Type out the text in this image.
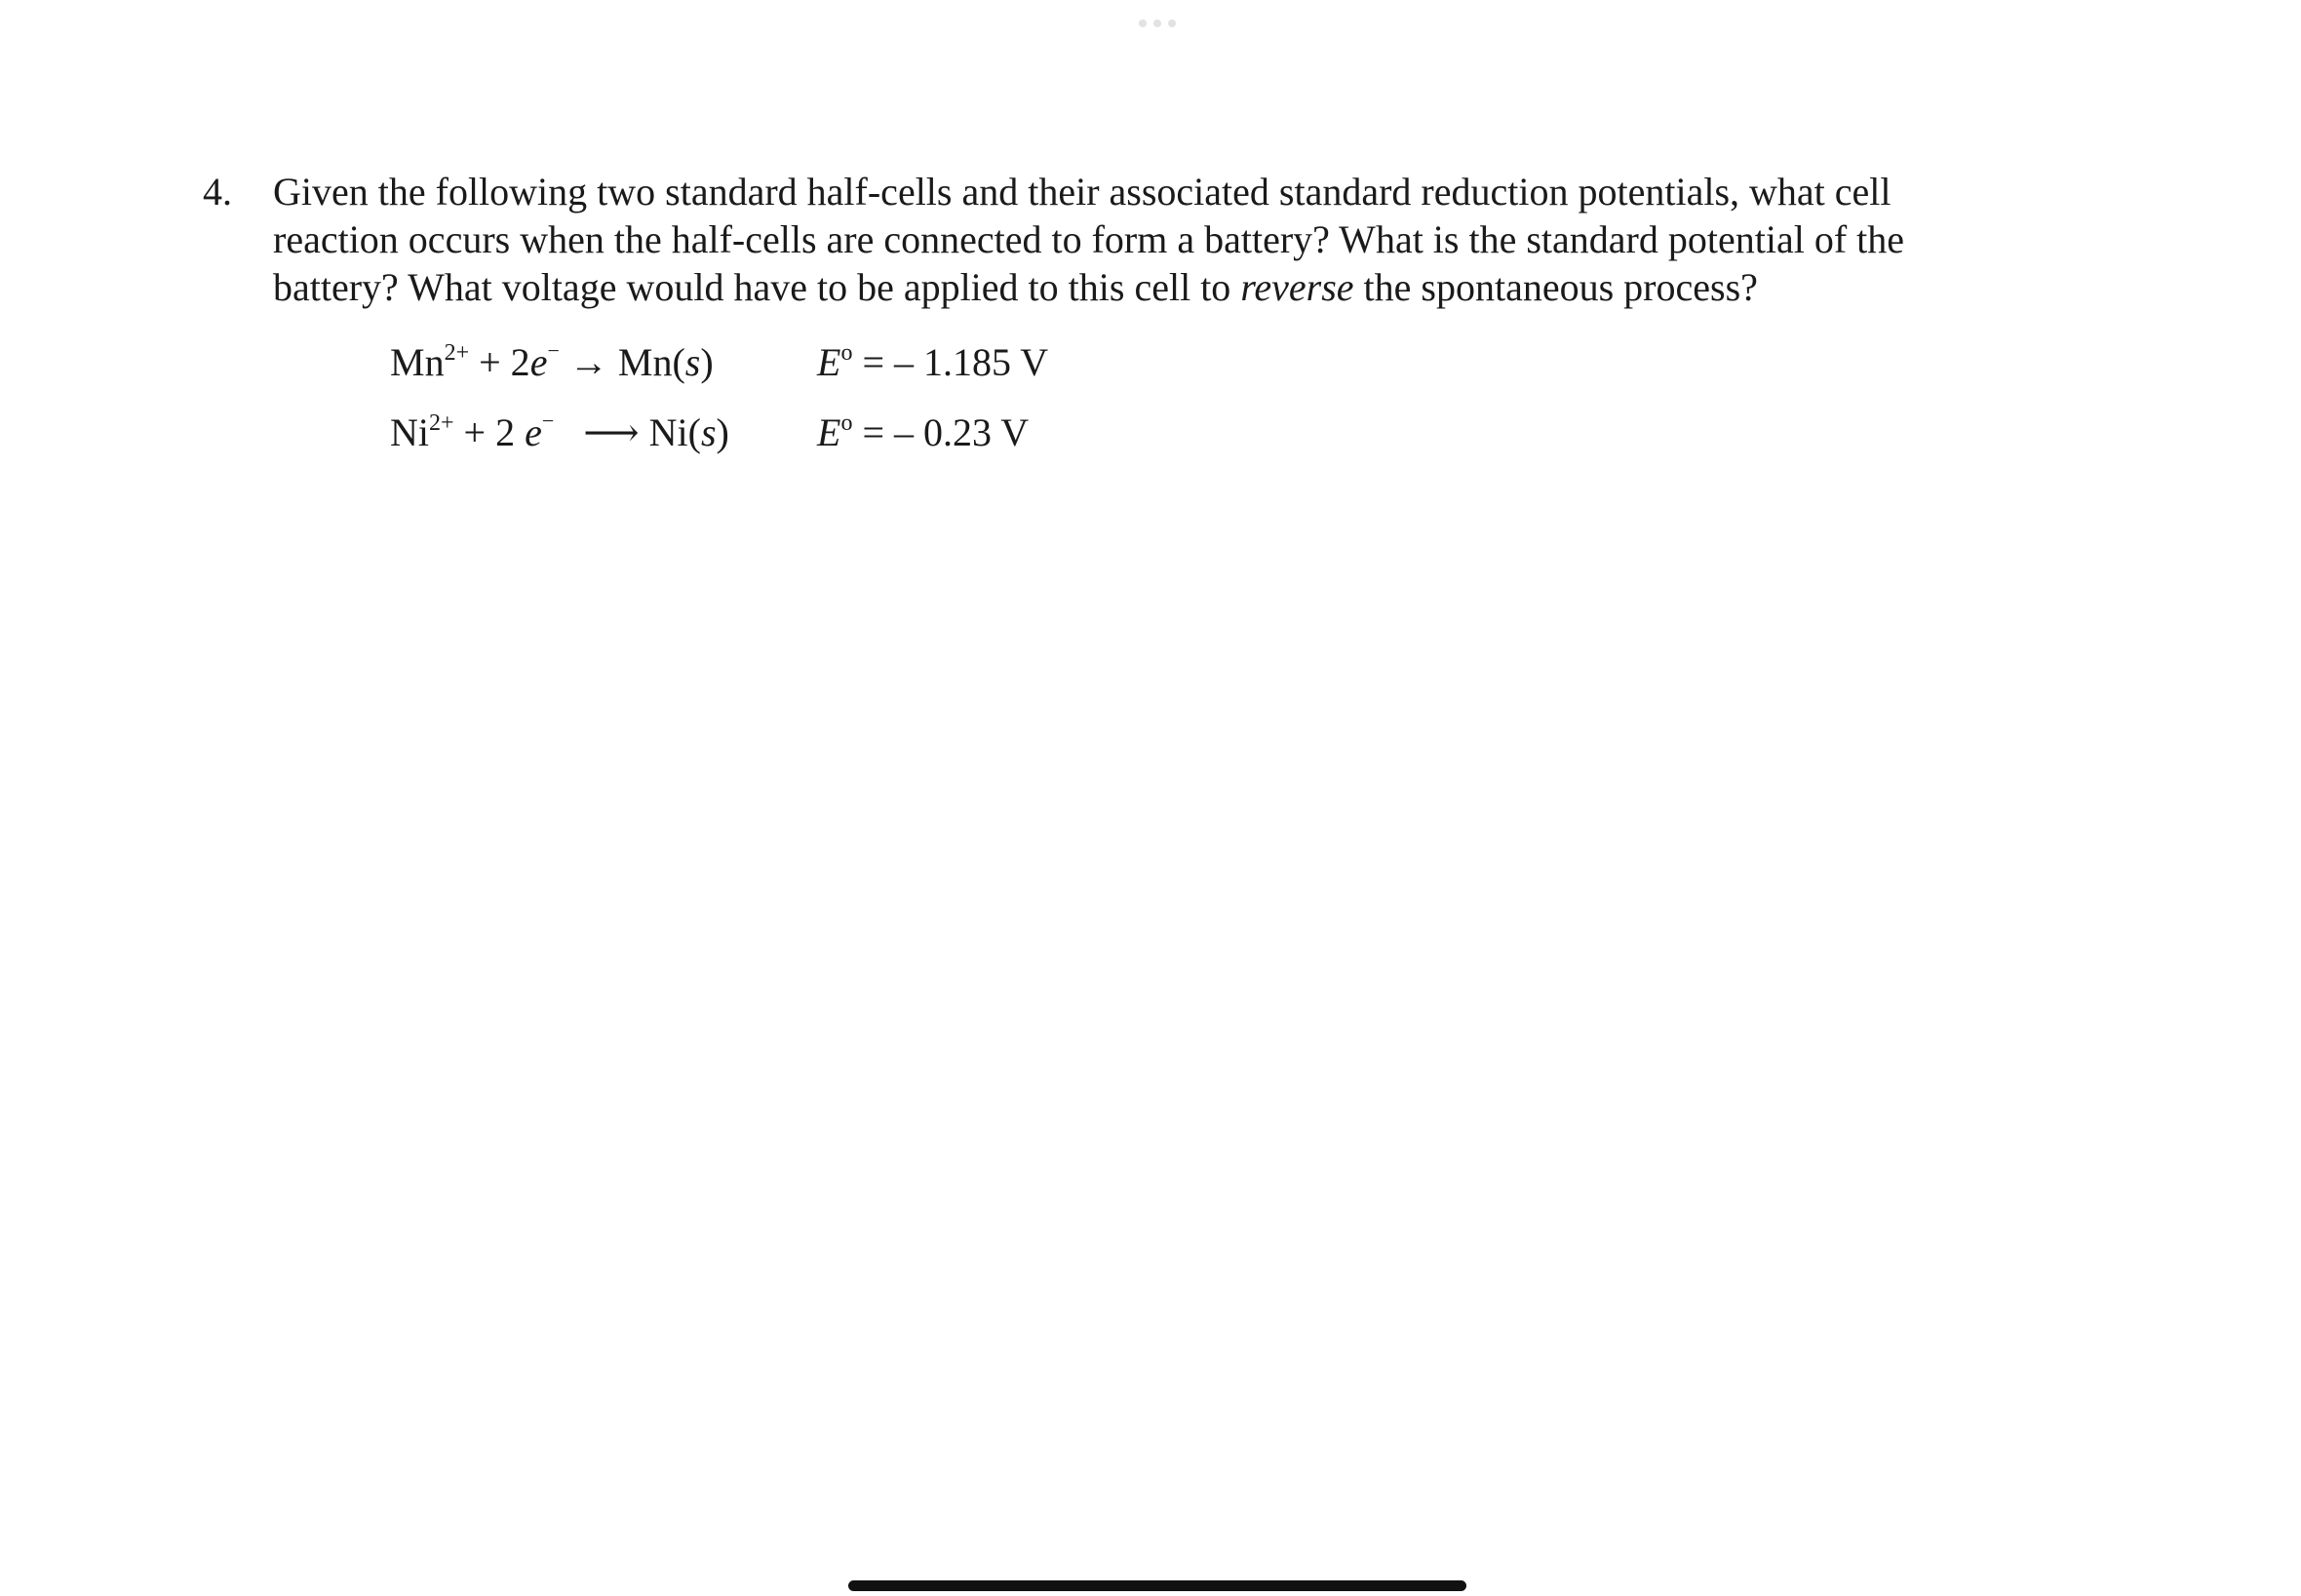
4. Given the following two standard half-cells and their associated standard reduction potentials, what cell
reaction occurs when the half-cells are connected to form a battery? What is the standard potential of the
battery? What voltage would have to be applied to this cell to reverse the spontaneous process?
$Mn^{2+} + 2e^- \to Mn(s)$	$E^o$ = – 1.185 V
$Ni^{2+} + 2$ e− ⟶ Ni(s) $E^o$ = – 0.23 V
